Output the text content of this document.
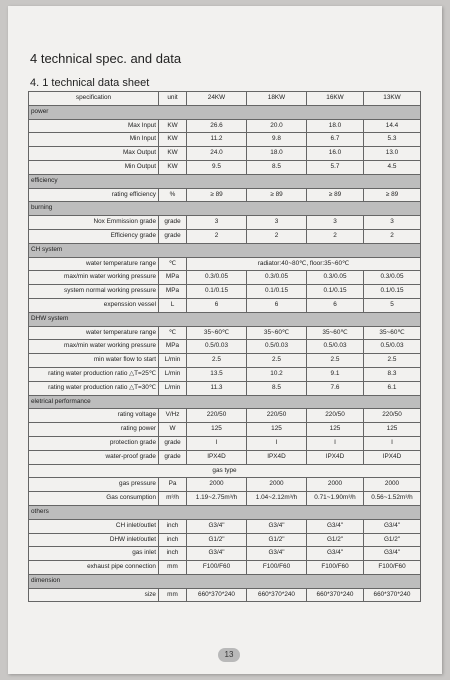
4 technical spec. and data
4. 1 technical data sheet
specification	unit	24KW	18KW	16KW	13KW
power					
Max Input	KW	26.6	20.0	18.0	14.4
Min Input	KW	11.2	9.8	6.7	5.3
Max Output	KW	24.0	18.0	16.0	13.0
Min Output	KW	9.5	8.5	5.7	4.5
efficiency					
rating efficiency	%	≥ 89	≥ 89	≥ 89	≥ 89
burning					
Nox Emmission grade	grade	3	3	3	3
Efficiency grade	grade	2	2	2	2
CH system					
water temperature range	℃	radiator:40~80℃, floor:35~60℃			
max/min water working pressure	MPa	0.3/0.05	0.3/0.05	0.3/0.05	0.3/0.05
system normal working pressure	MPa	0.1/0.15	0.1/0.15	0.1/0.15	0.1/0.15
expenssion vessel	L	6	6	6	5
DHW system					
water temperature range	℃	35~60℃	35~60℃	35~60℃	35~60℃
max/min water working pressure	MPa	0.5/0.03	0.5/0.03	0.5/0.03	0.5/0.03
min water flow to start	L/min	2.5	2.5	2.5	2.5
rating water production ratio △T=25℃	L/min	13.5	10.2	9.1	8.3
rating water production ratio △T=30℃	L/min	11.3	8.5	7.6	6.1
eletrical performance					
rating voltage	V/Hz	220/50	220/50	220/50	220/50
rating power	W	125	125	125	125
protection grade	grade	I	I	I	I
water-proof grade	grade	IPX4D	IPX4D	IPX4D	IPX4D
gas type					
gas pressure	Pa	2000	2000	2000	2000
Gas consumption	m³/h	1.19~2.75m³/h	1.04~2.12m³/h	0.71~1.90m³/h	0.56~1.52m³/h
others					
CH inlet/outlet	inch	G3/4"	G3/4"	G3/4"	G3/4"
DHW inlet/outlet	inch	G1/2"	G1/2"	G1/2"	G1/2"
gas inlet	inch	G3/4"	G3/4"	G3/4"	G3/4"
exhaust pipe connection	mm	F100/F60	F100/F60	F100/F60	F100/F60
dimension					
size	mm	660*370*240	660*370*240	660*370*240	660*370*240
13
